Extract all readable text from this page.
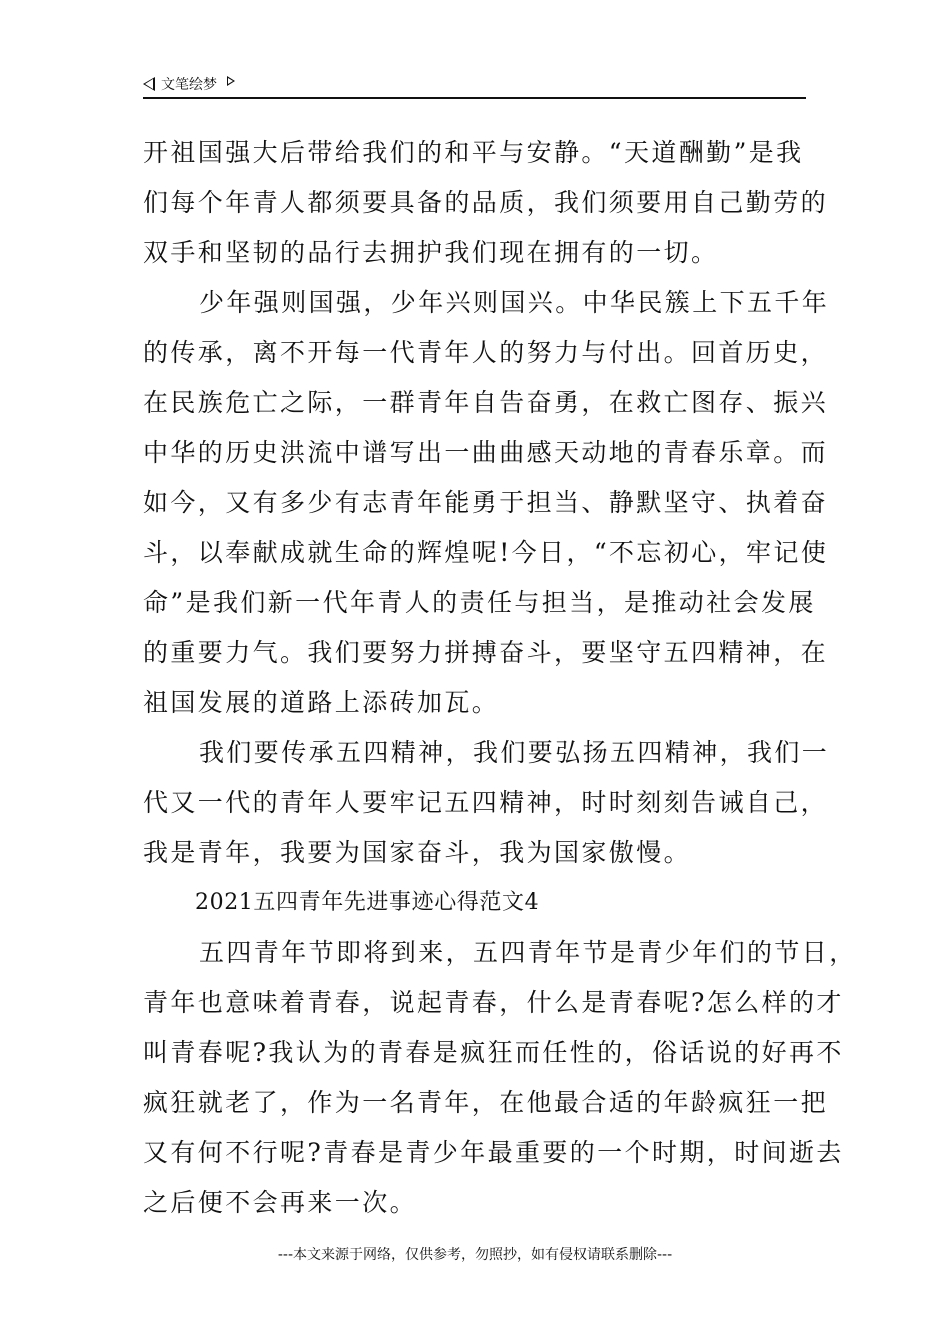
文笔绘梦
开祖国强大后带给我们的和平与安静。“天道酬勤”是我
们每个年青人都须要具备的品质，我们须要用自己勤劳的
双手和坚韧的品行去拥护我们现在拥有的一切。
少年强则国强，少年兴则国兴。中华民簇上下五千年
的传承，离不开每一代青年人的努力与付出。回首历史，
在民族危亡之际，一群青年自告奋勇，在救亡图存、振兴
中华的历史洪流中谱写出一曲曲感天动地的青春乐章。而
如今，又有多少有志青年能勇于担当、静默坚守、执着奋
斗，以奉献成就生命的辉煌呢!今日，“不忘初心，牢记使
命”是我们新一代年青人的责任与担当，是推动社会发展
的重要力气。我们要努力拼搏奋斗，要坚守五四精神，在
祖国发展的道路上添砖加瓦。
我们要传承五四精神，我们要弘扬五四精神，我们一
代又一代的青年人要牢记五四精神，时时刻刻告诫自己，
我是青年，我要为国家奋斗，我为国家傲慢。
2021五四青年先进事迹心得范文4
五四青年节即将到来，五四青年节是青少年们的节日，
青年也意味着青春，说起青春，什么是青春呢?怎么样的才
叫青春呢?我认为的青春是疯狂而任性的，俗话说的好再不
疯狂就老了，作为一名青年，在他最合适的年龄疯狂一把
又有何不行呢?青春是青少年最重要的一个时期，时间逝去
之后便不会再来一次。
---本文来源于网络，仅供参考，勿照抄，如有侵权请联系删除---
